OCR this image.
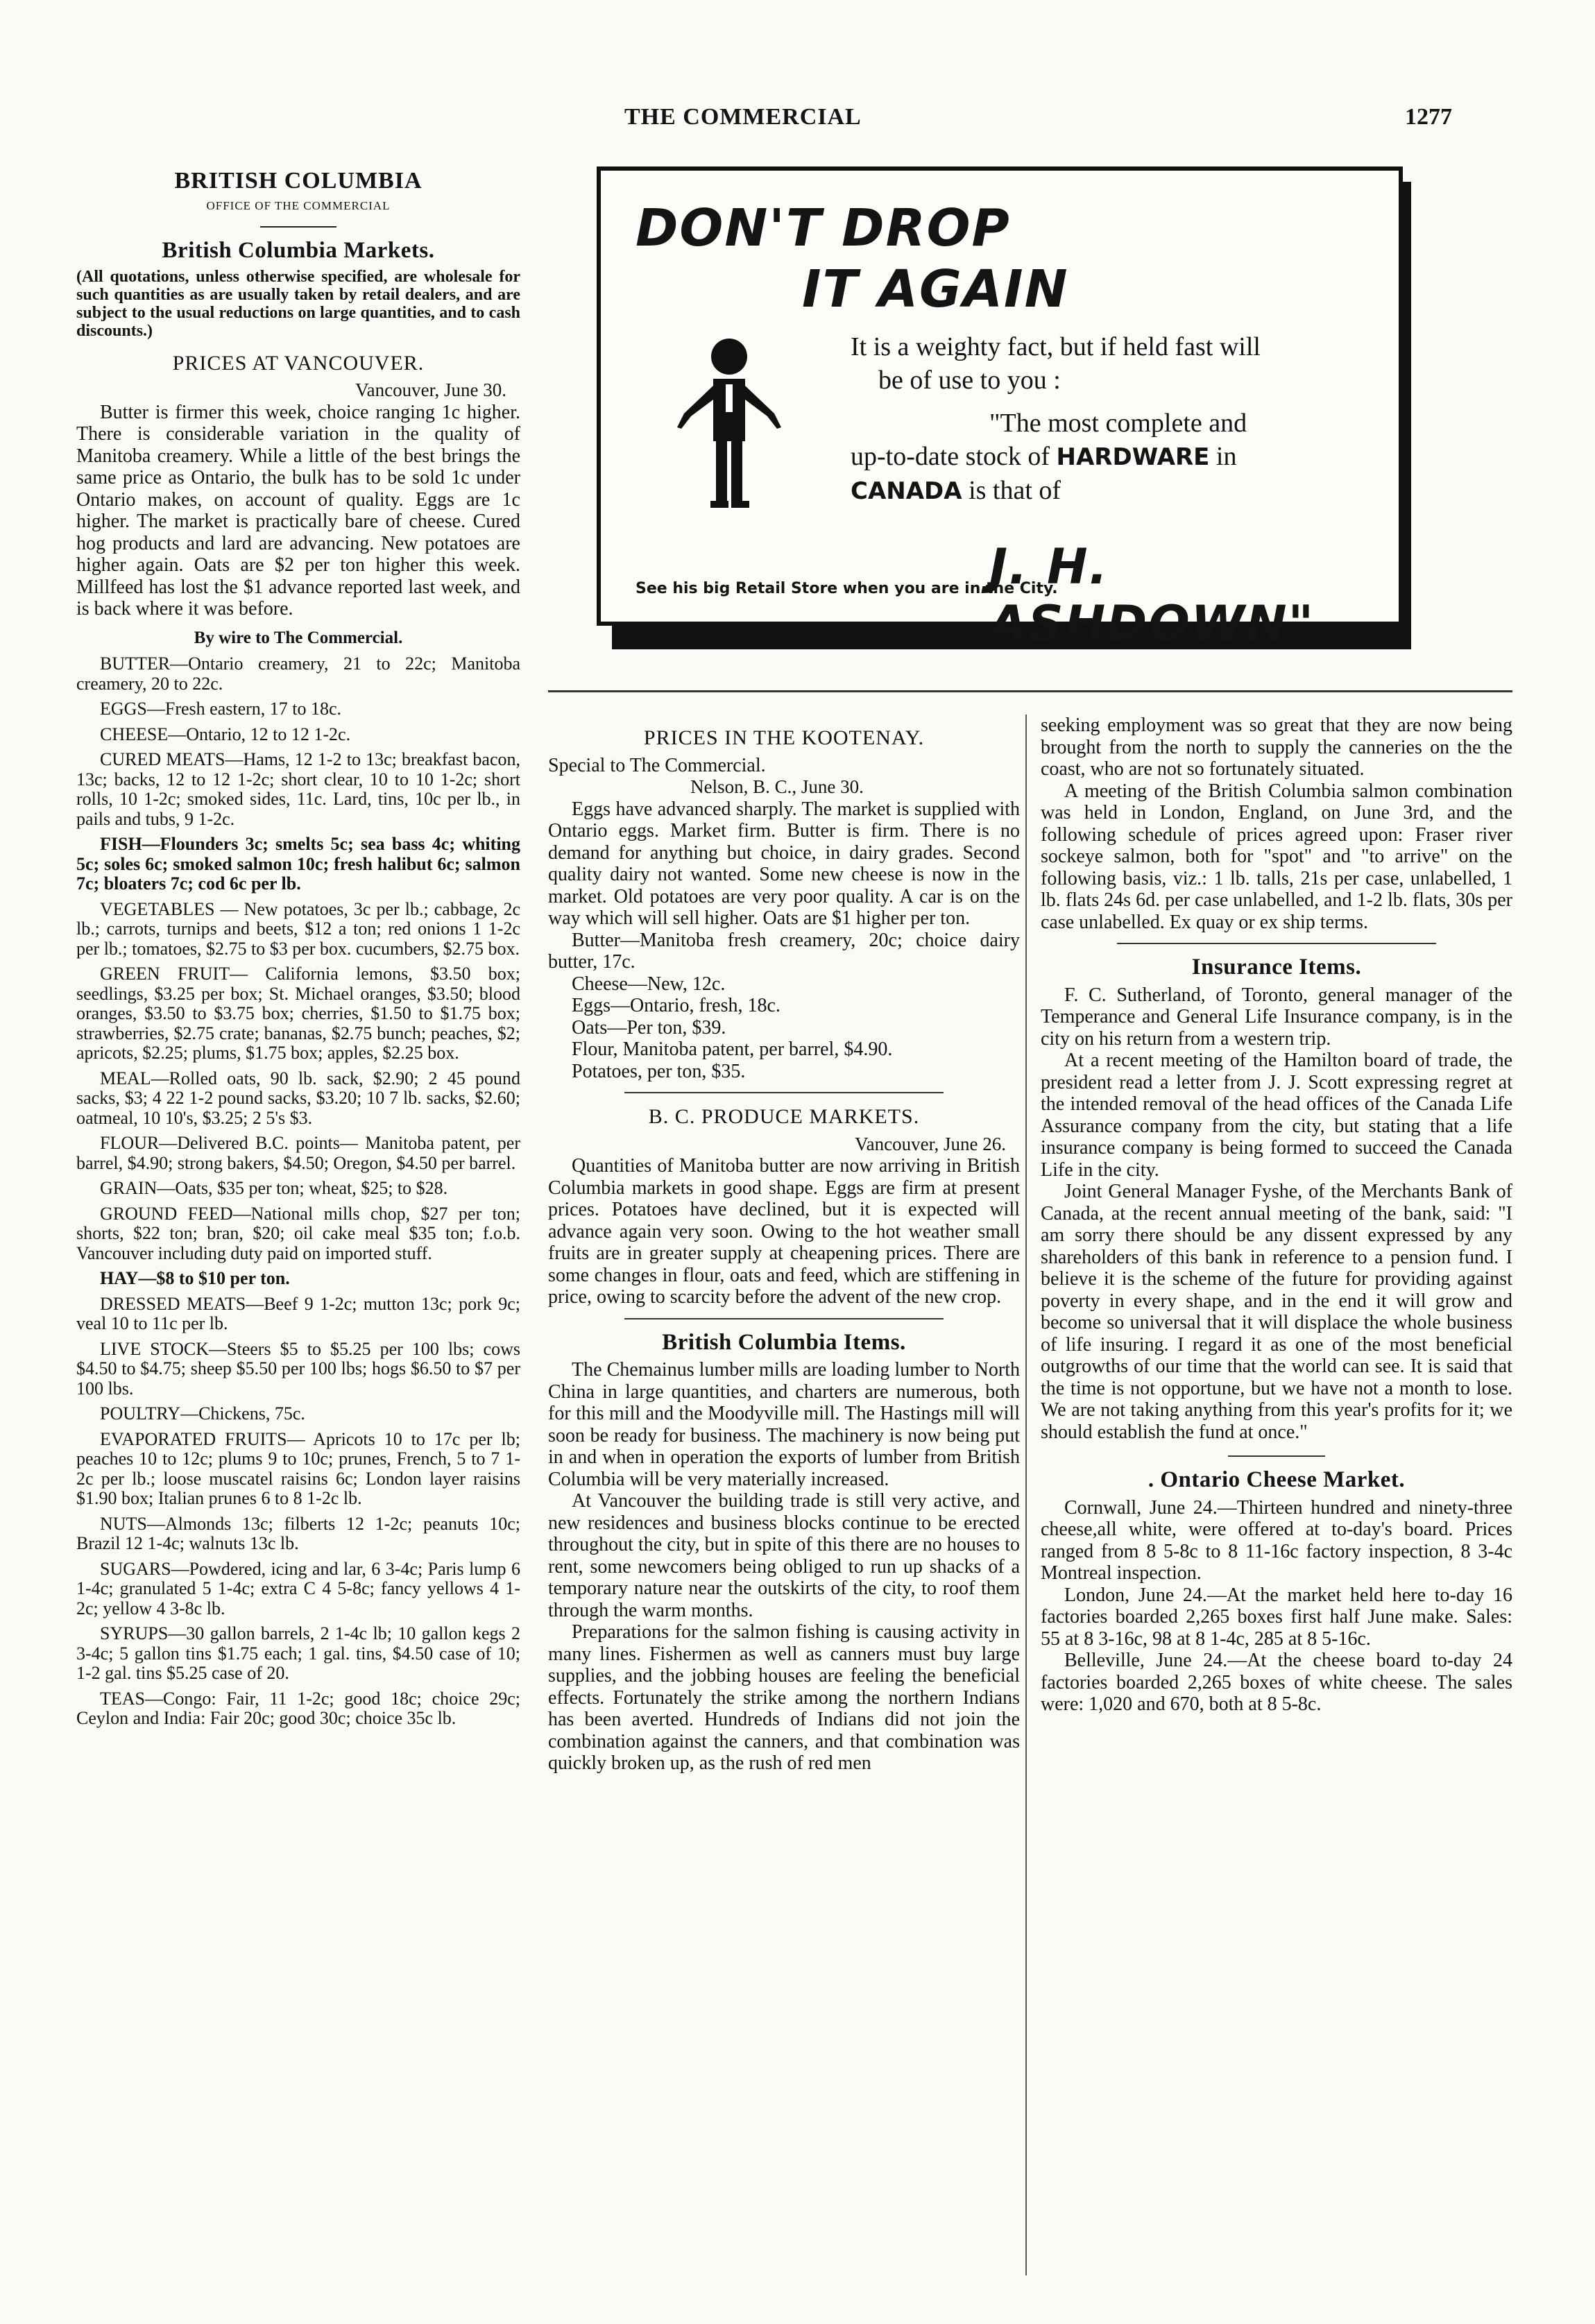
THE COMMERCIAL	1277
BRITISH COLUMBIA
OFFICE OF THE COMMERCIAL
British Columbia Markets.
(All quotations, unless otherwise specified, are wholesale for such quantities as are usually taken by retail dealers, and are subject to the usual reductions on large quantities, and to cash discounts.)
PRICES AT VANCOUVER.
Vancouver, June 30.

Butter is firmer this week, choice ranging 1c higher. There is considerable variation in the quality of Manitoba creamery. While a little of the best brings the same price as Ontario, the bulk has to be sold 1c under Ontario makes, on account of quality. Eggs are 1c higher. The market is practically bare of cheese. Cured hog products and lard are advancing. New potatoes are higher again. Oats are $2 per ton higher this week. Millfeed has lost the $1 advance reported last week, and is back where it was before.

By wire to The Commercial.
BUTTER—Ontario creamery, 21 to 22c; Manitoba creamery, 20 to 22c.
EGGS—Fresh eastern, 17 to 18c.
CHEESE—Ontario, 12 to 12 1-2c.
CURED MEATS—Hams, 12 1-2 to 13c; breakfast bacon, 13c; backs, 12 to 12 1-2c; short clear, 10 to 10 1-2c; short rolls, 10 1-2c; smoked sides, 11c. Lard, tins, 10c per lb., in pails and tubs, 9 1-2c.
FISH—Flounders 3c; smelts 5c; sea bass 4c; whiting 5c; soles 6c; smoked salmon 10c; fresh halibut 6c; salmon 7c; bloaters 7c; cod 6c per lb.
VEGETABLES — New potatoes, 3c per lb.; cabbage, 2c lb.; carrots, turnips and beets, $12 a ton; red onions 1 1-2c per lb.; tomatoes, $2.75 to $3 per box. cucumbers, $2.75 box.
GREEN FRUIT— California lemons, $3.50 box; seedlings, $3.25 per box; St. Michael oranges, $3.50; blood oranges, $3.50 to $3.75 box; cherries, $1.50 to $1.75 box; strawberries, $2.75 crate; bananas, $2.75 bunch; peaches, $2; apricots, $2.25; plums, $1.75 box; apples, $2.25 box.
MEAL—Rolled oats, 90 lb. sack, $2.90; 2 45 pound sacks, $3; 4 22 1-2 pound sacks, $3.20; 10 7 lb. sacks, $2.60; oatmeal, 10 10's, $3.25; 2 5's $3.
FLOUR—Delivered B.C. points— Manitoba patent, per barrel, $4.90; strong bakers, $4.50; Oregon, $4.50 per barrel.
GRAIN—Oats, $35 per ton; wheat, $25; to $28.
GROUND FEED—National mills chop, $27 per ton; shorts, $22 ton; bran, $20; oil cake meal $35 ton; f.o.b. Vancouver including duty paid on imported stuff.
HAY—$8 to $10 per ton.
DRESSED MEATS—Beef 9 1-2c; mutton 13c; pork 9c; veal 10 to 11c per lb.
LIVE STOCK—Steers $5 to $5.25 per 100 lbs; cows $4.50 to $4.75; sheep $5.50 per 100 lbs; hogs $6.50 to $7 per 100 lbs.
POULTRY—Chickens, 75c.
EVAPORATED FRUITS— Apricots 10 to 17c per lb; peaches 10 to 12c; plums 9 to 10c; prunes, French, 5 to 7 1-2c per lb.; loose muscatel raisins 6c; London layer raisins $1.90 box; Italian prunes 6 to 8 1-2c lb.
NUTS—Almonds 13c; filberts 12 1-2c; peanuts 10c; Brazil 12 1-4c; walnuts 13c lb.
SUGARS—Powdered, icing and lar, 6 3-4c; Paris lump 6 1-4c; granulated 5 1-4c; extra C 4 5-8c; fancy yellows 4 1-2c; yellow 4 3-8c lb.
SYRUPS—30 gallon barrels, 2 1-4c lb; 10 gallon kegs 2 3-4c; 5 gallon tins $1.75 each; 1 gal. tins, $4.50 case of 10; 1-2 gal. tins $5.25 case of 20.
TEAS—Congo: Fair, 11 1-2c; good 18c; choice 29c; Ceylon and India: Fair 20c; good 30c; choice 35c lb.
DON'T DROP
IT AGAIN

It is a weighty fact, but if held fast will

be of use to you :

"The most complete and
up-to-date stock of HARDWARE in
CANADA is that of

J. H. ASHDOWN"
See his big Retail Store when you are in the City.
PRICES IN THE KOOTENAY.

Special to The Commercial.

Nelson, B. C., June 30.

Eggs have advanced sharply. The market is supplied with Ontario eggs. Market firm. Butter is firm. There is no demand for anything but choice, in dairy grades. Second quality dairy not wanted. Some new cheese is now in the market. Old potatoes are very poor quality. A car is on the way which will sell higher. Oats are $1 higher per ton.

Butter—Manitoba fresh creamery, 20c; choice dairy butter, 17c.

Cheese—New, 12c.

Eggs—Ontario, fresh, 18c.

Oats—Per ton, $39.

Flour, Manitoba patent, per barrel, $4.90.

Potatoes, per ton, $35.

B. C. PRODUCE MARKETS.
Vancouver, June 26.

Quantities of Manitoba butter are now arriving in British Columbia markets in good shape. Eggs are firm at present prices. Potatoes have declined, but it is expected will advance again very soon. Owing to the hot weather small fruits are in greater supply at cheapening prices. There are some changes in flour, oats and feed, which are stiffening in price, owing to scarcity before the advent of the new crop.

British Columbia Items.

The Chemainus lumber mills are loading lumber to North China in large quantities, and charters are numerous, both for this mill and the Moodyville mill. The Hastings mill will soon be ready for business. The machinery is now being put in and when in operation the exports of lumber from British Columbia will be very materially increased.

At Vancouver the building trade is still very active, and new residences and business blocks continue to be erected throughout the city, but in spite of this there are no houses to rent, some newcomers being obliged to run up shacks of a temporary nature near the outskirts of the city, to roof them through the warm months.

Preparations for the salmon fishing is causing activity in many lines. Fishermen as well as canners must buy large supplies, and the jobbing houses are feeling the beneficial effects. Fortunately the strike among the northern Indians has been averted. Hundreds of Indians did not join the combination against the canners, and that combination was quickly broken up, as the rush of red men

seeking employment was so great that they are now being brought from the north to supply the canneries on the the coast, who are not so fortunately situated.

A meeting of the British Columbia salmon combination was held in London, England, on June 3rd, and the following schedule of prices agreed upon: Fraser river sockeye salmon, both for "spot" and "to arrive" on the following basis, viz.: 1 lb. talls, 21s per case, unlabelled, 1 lb. flats 24s 6d. per case unlabelled, and 1-2 lb. flats, 30s per case unlabelled. Ex quay or ex ship terms.

Insurance Items.

F. C. Sutherland, of Toronto, general manager of the Temperance and General Life Insurance company, is in the city on his return from a western trip.

At a recent meeting of the Hamilton board of trade, the president read a letter from J. J. Scott expressing regret at the intended removal of the head offices of the Canada Life Assurance company from the city, but stating that a life insurance company is being formed to succeed the Canada Life in the city.

Joint General Manager Fyshe, of the Merchants Bank of Canada, at the recent annual meeting of the bank, said: "I am sorry there should be any dissent expressed by any shareholders of this bank in reference to a pension fund. I believe it is the scheme of the future for providing against poverty in every shape, and in the end it will grow and become so universal that it will displace the whole business of life insuring. I regard it as one of the most beneficial outgrowths of our time that the world can see. It is said that the time is not opportune, but we have not a month to lose. We are not taking anything from this year's profits for it; we should establish the fund at once."

. Ontario Cheese Market.

Cornwall, June 24.—Thirteen hundred and ninety-three cheese,all white, were offered at to-day's board. Prices ranged from 8 5-8c to 8 11-16c factory inspection, 8 3-4c Montreal inspection.

London, June 24.—At the market held here to-day 16 factories boarded 2,265 boxes first half June make. Sales: 55 at 8 3-16c, 98 at 8 1-4c, 285 at 8 5-16c.

Belleville, June 24.—At the cheese board to-day 24 factories boarded 2,265 boxes of white cheese. The sales were: 1,020 and 670, both at 8 5-8c.
